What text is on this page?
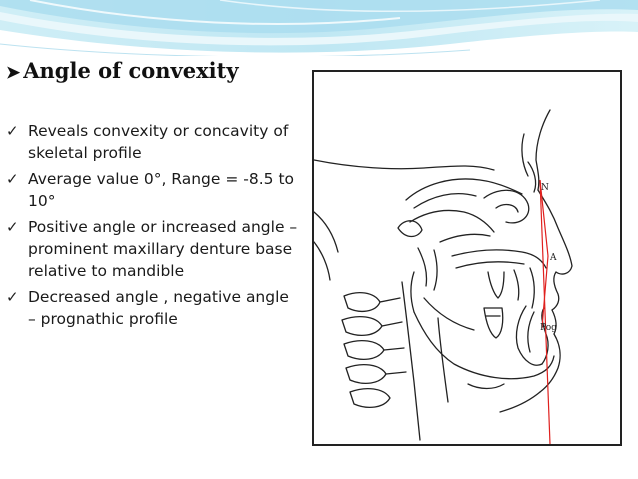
➤ Angle of convexity
✓ Reveals convexity or concavity of skeletal profile
✓ Average value 0°, Range = -8.5 to 10°
✓ Positive angle or increased angle – prominent maxillary denture base relative to mandible
✓ Decreased angle , negative angle – prognathic profile
N
A
Pog
